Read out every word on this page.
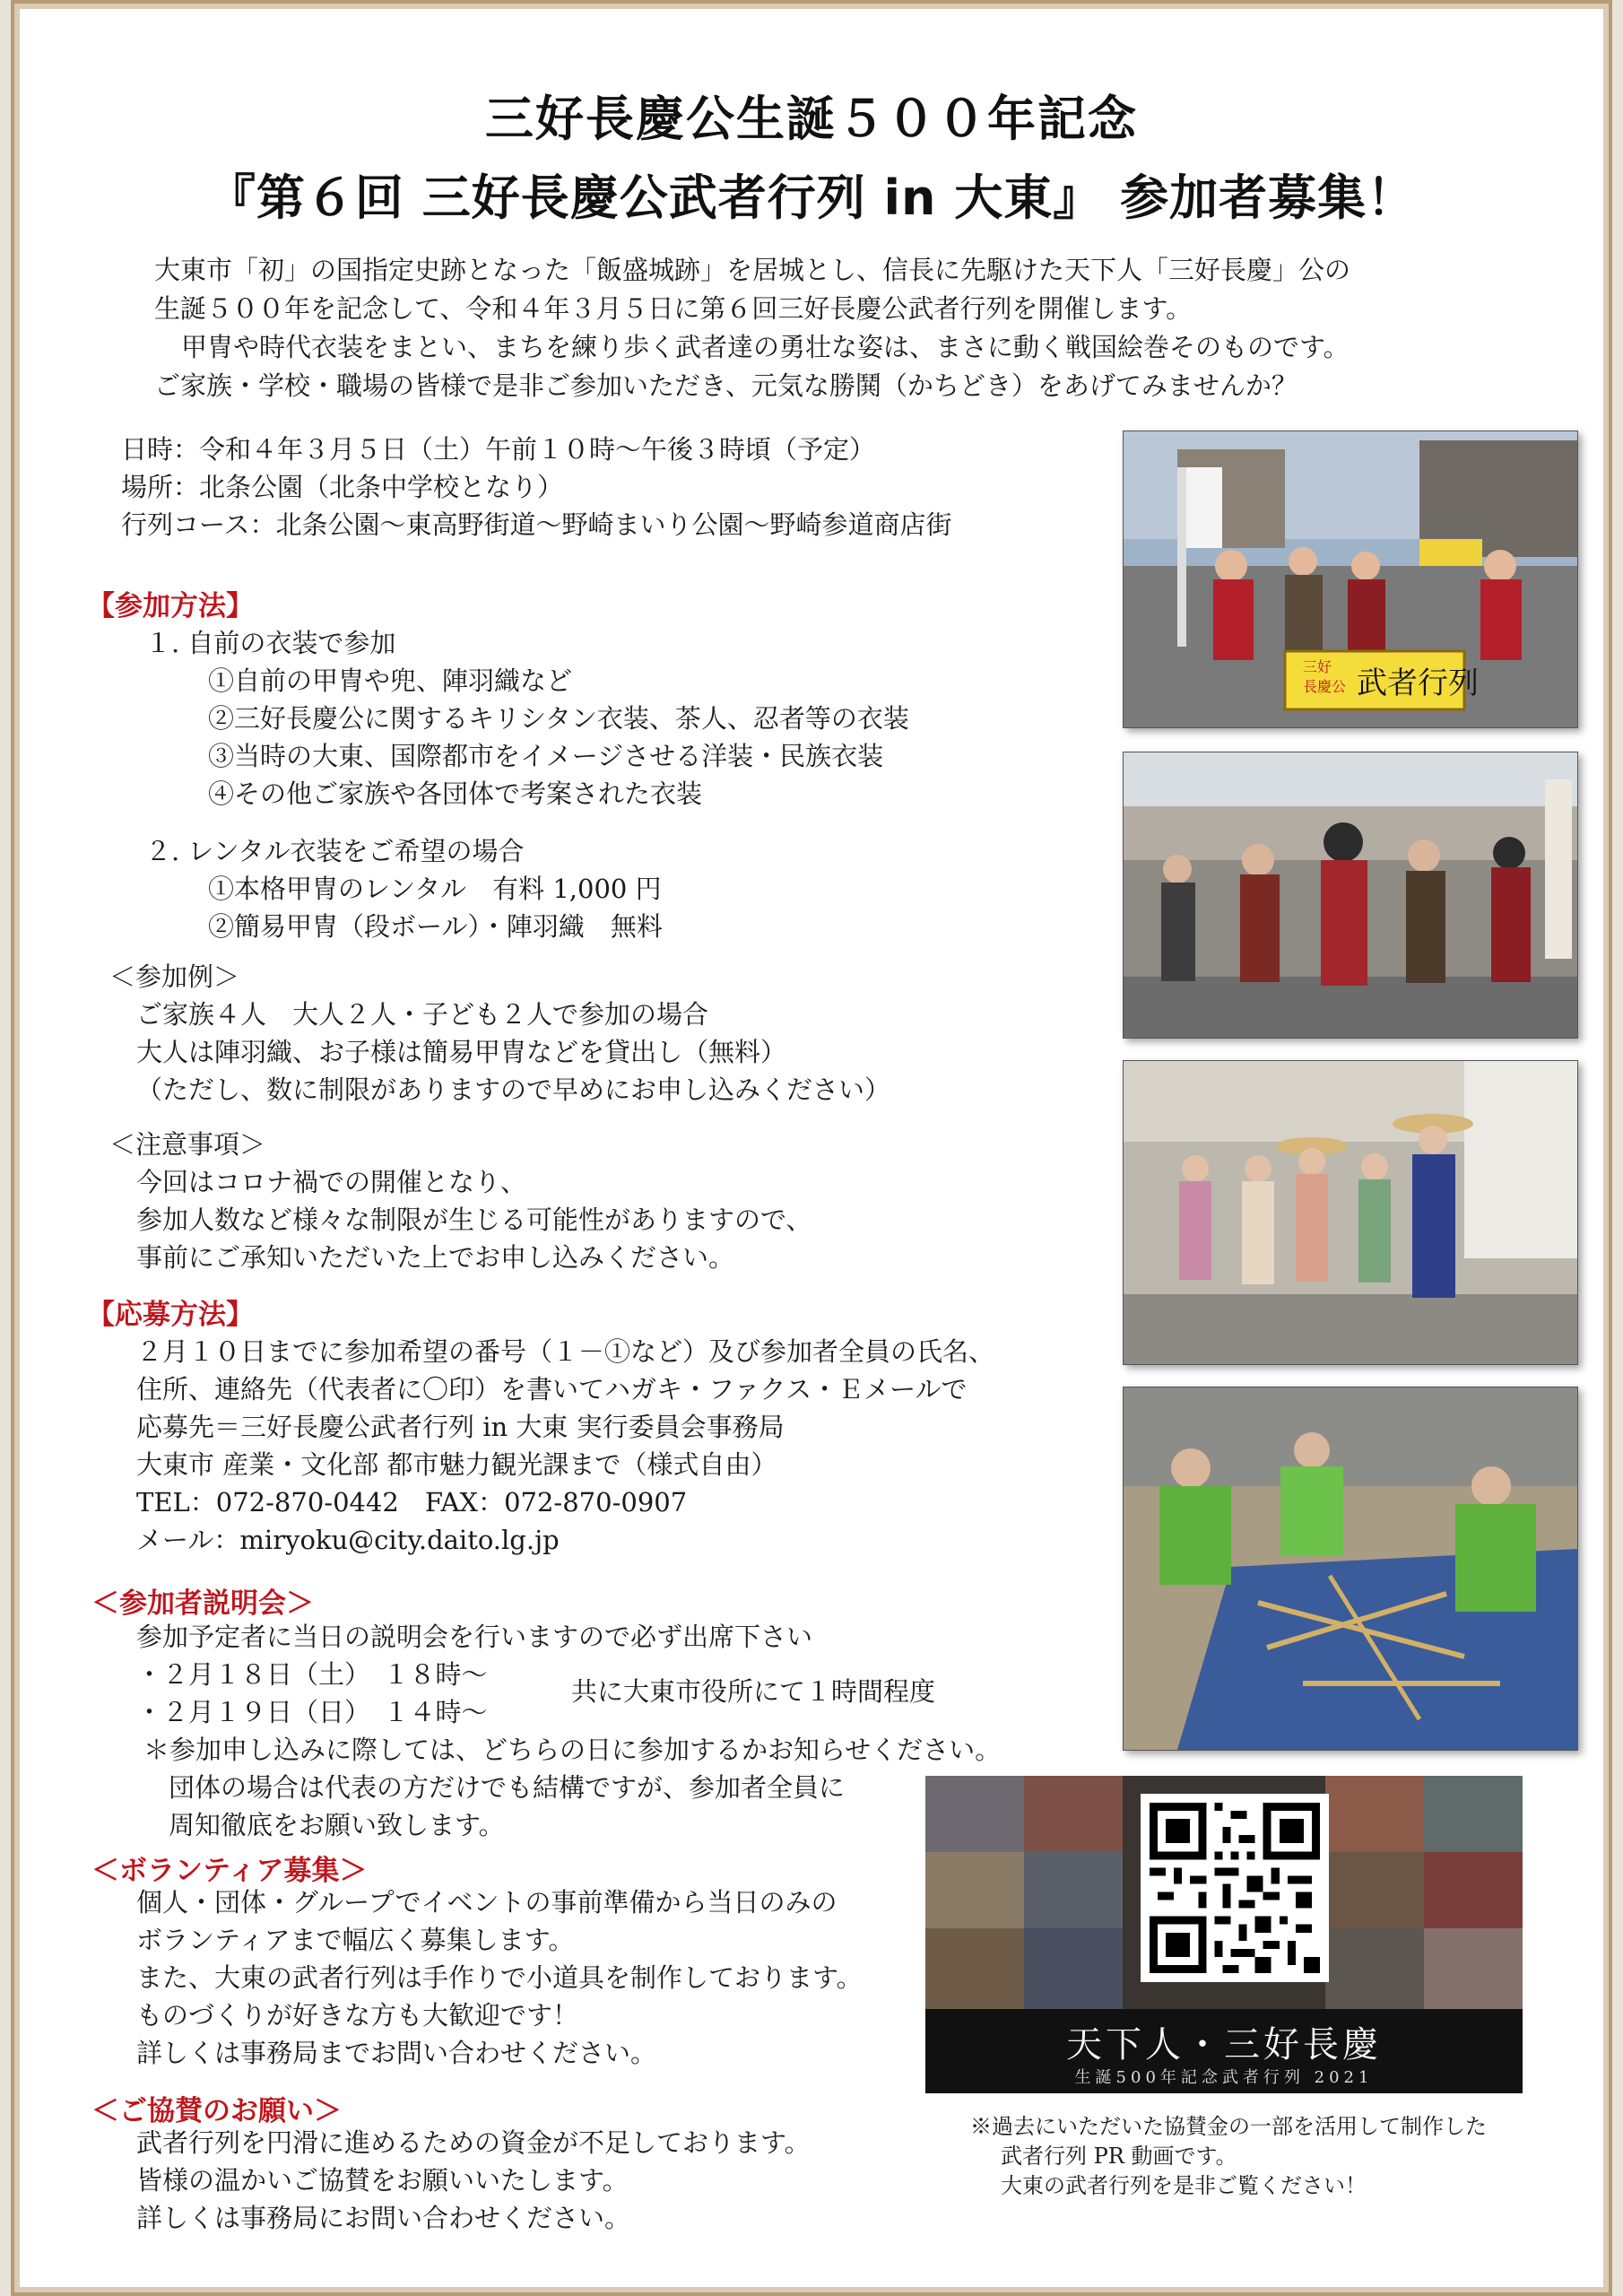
三好長慶公生誕５００年記念
『第６回 三好長慶公武者行列 in 大東』 参加者募集！

大東市「初」の国指定史跡となった「飯盛城跡」を居城とし、信長に先駆けた天下人「三好長慶」公の

生誕５００年を記念して、令和４年３月５日に第６回三好長慶公武者行列を開催します。

甲冑や時代衣装をまとい、まちを練り歩く武者達の勇壮な姿は、まさに動く戦国絵巻そのものです。

ご家族・学校・職場の皆様で是非ご参加いただき、元気な勝鬨（かちどき）をあげてみませんか？

日時：令和４年３月５日（土）午前１０時～午後３時頃（予定）

場所：北条公園（北条中学校となり）

行列コース：北条公園～東高野街道～野崎まいり公園～野崎参道商店街

【参加方法】

１. 自前の衣装で参加

①自前の甲冑や兜、陣羽織など

②三好長慶公に関するキリシタン衣装、茶人、忍者等の衣装

③当時の大東、国際都市をイメージさせる洋装・民族衣装

④その他ご家族や各団体で考案された衣装

２. レンタル衣装をご希望の場合

①本格甲冑のレンタル　有料 1,000 円

②簡易甲冑（段ボール）・陣羽織　無料

＜参加例＞

ご家族４人　大人２人・子ども２人で参加の場合

大人は陣羽織、お子様は簡易甲冑などを貸出し（無料）

（ただし、数に制限がありますので早めにお申し込みください）

＜注意事項＞

今回はコロナ禍での開催となり、

参加人数など様々な制限が生じる可能性がありますので、

事前にご承知いただいた上でお申し込みください。

【応募方法】

２月１０日までに参加希望の番号（１－①など）及び参加者全員の氏名、

住所、連絡先（代表者に〇印）を書いてハガキ・ファクス・Ｅメールで

応募先＝三好長慶公武者行列 in 大東 実行委員会事務局

大東市 産業・文化部 都市魅力観光課まで（様式自由）

TEL：072-870-0442　FAX：072-870-0907

メール：miryoku@city.daito.lg.jp

＜参加者説明会＞

参加予定者に当日の説明会を行いますので必ず出席下さい

・２月１８日（土）　１８時～

・２月１９日（日）　１４時～

共に大東市役所にて１時間程度

＊参加申し込みに際しては、どちらの日に参加するかお知らせください。

団体の場合は代表の方だけでも結構ですが、参加者全員に

周知徹底をお願い致します。

＜ボランティア募集＞

個人・団体・グループでイベントの事前準備から当日のみの

ボランティアまで幅広く募集します。

また、大東の武者行列は手作りで小道具を制作しております。

ものづくりが好きな方も大歓迎です！

詳しくは事務局までお問い合わせください。

＜ご協賛のお願い＞

武者行列を円滑に進めるための資金が不足しております。

皆様の温かいご協賛をお願いいたします。

詳しくは事務局にお問い合わせください。

三好
長慶公 武者行列
天下人・三好長慶
生誕500年記念武者行列 2021

※過去にいただいた協賛金の一部を活用して制作した

武者行列 PR 動画です。

大東の武者行列を是非ご覧ください！
